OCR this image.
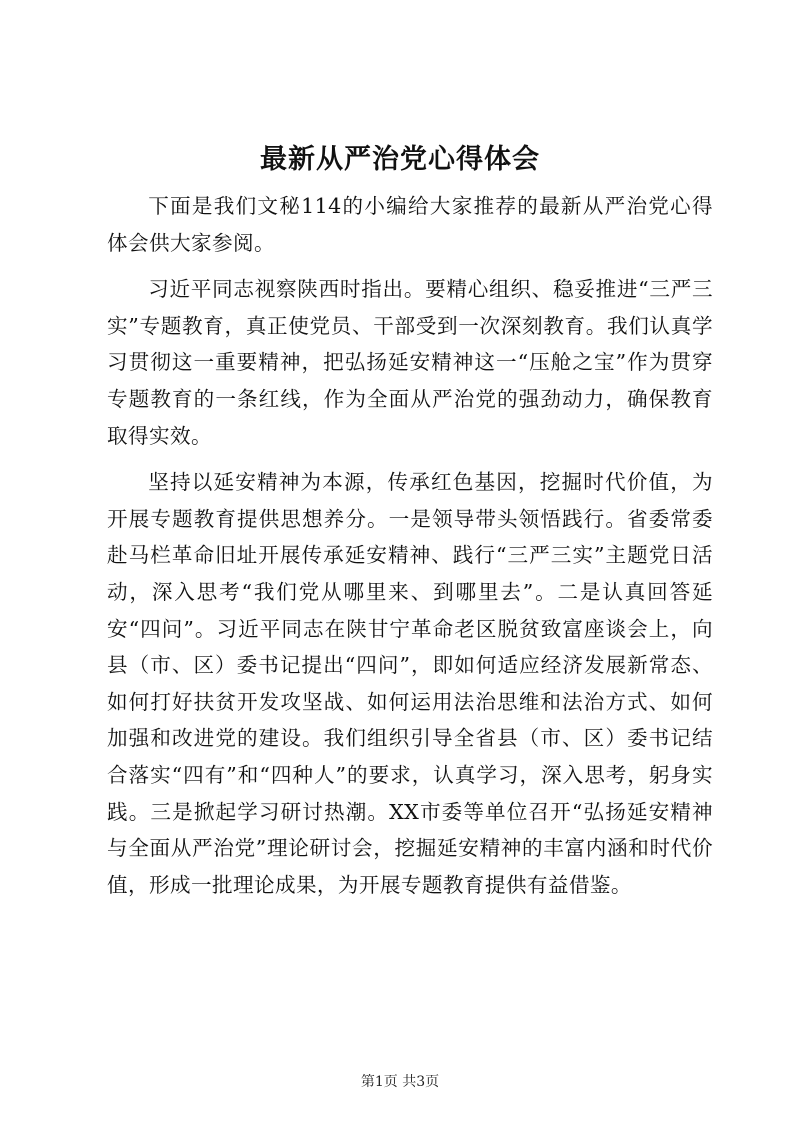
最新从严治党心得体会

下面是我们文秘114的小编给大家推荐的最新从严治党心得体会供大家参阅。

习近平同志视察陕西时指出。要精心组织、稳妥推进“三严三实”专题教育，真正使党员、干部受到一次深刻教育。我们认真学习贯彻这一重要精神，把弘扬延安精神这一“压舱之宝”作为贯穿专题教育的一条红线，作为全面从严治党的强劲动力，确保教育取得实效。

坚持以延安精神为本源，传承红色基因，挖掘时代价值，为开展专题教育提供思想养分。一是领导带头领悟践行。省委常委赴马栏革命旧址开展传承延安精神、践行“三严三实”主题党日活动，深入思考“我们党从哪里来、到哪里去”。二是认真回答延安“四问”。习近平同志在陕甘宁革命老区脱贫致富座谈会上，向县（市、区）委书记提出“四问”，即如何适应经济发展新常态、如何打好扶贫开发攻坚战、如何运用法治思维和法治方式、如何加强和改进党的建设。我们组织引导全省县（市、区）委书记结合落实“四有”和“四种人”的要求，认真学习，深入思考，躬身实践。三是掀起学习研讨热潮。XX市委等单位召开“弘扬延安精神与全面从严治党”理论研讨会，挖掘延安精神的丰富内涵和时代价值，形成一批理论成果，为开展专题教育提供有益借鉴。

第1页 共3页
